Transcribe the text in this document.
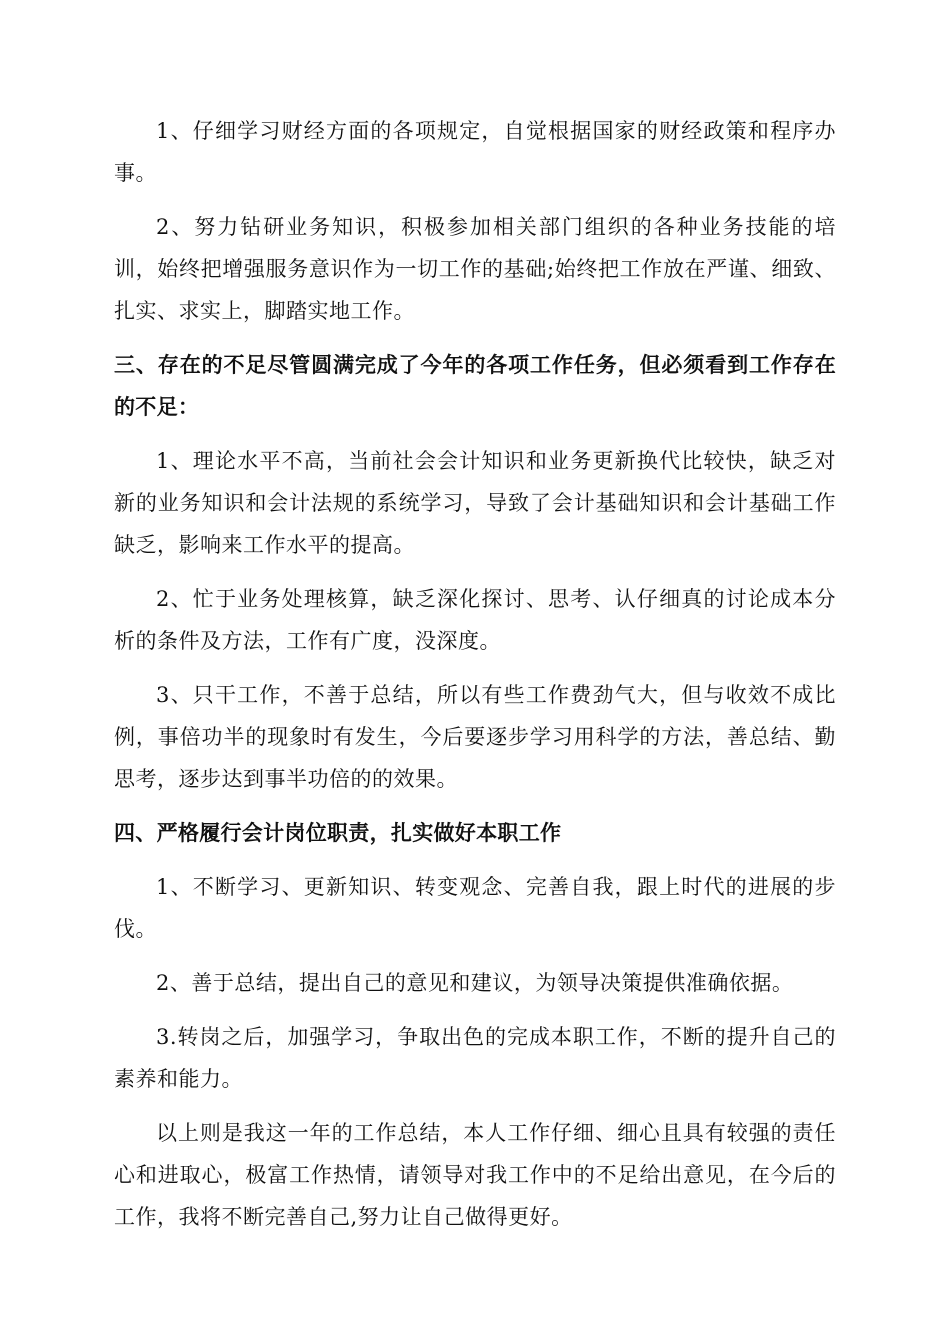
1、仔细学习财经方面的各项规定，自觉根据国家的财经政策和程序办事。

2、努力钻研业务知识，积极参加相关部门组织的各种业务技能的培训，始终把增强服务意识作为一切工作的基础;始终把工作放在严谨、细致、扎实、求实上，脚踏实地工作。

三、存在的不足尽管圆满完成了今年的各项工作任务，但必须看到工作存在的不足：

1、理论水平不高，当前社会会计知识和业务更新换代比较快，缺乏对新的业务知识和会计法规的系统学习，导致了会计基础知识和会计基础工作缺乏，影响来工作水平的提高。

2、忙于业务处理核算，缺乏深化探讨、思考、认仔细真的讨论成本分析的条件及方法，工作有广度，没深度。

3、只干工作，不善于总结，所以有些工作费劲气大，但与收效不成比例，事倍功半的现象时有发生，今后要逐步学习用科学的方法，善总结、勤思考，逐步达到事半功倍的的效果。

四、严格履行会计岗位职责，扎实做好本职工作

1、不断学习、更新知识、转变观念、完善自我，跟上时代的进展的步伐。

2、善于总结，提出自己的意见和建议，为领导决策提供准确依据。

3.转岗之后，加强学习，争取出色的完成本职工作，不断的提升自己的素养和能力。

以上则是我这一年的工作总结，本人工作仔细、细心且具有较强的责任心和进取心，极富工作热情，请领导对我工作中的不足给出意见，在今后的工作，我将不断完善自己,努力让自己做得更好。
